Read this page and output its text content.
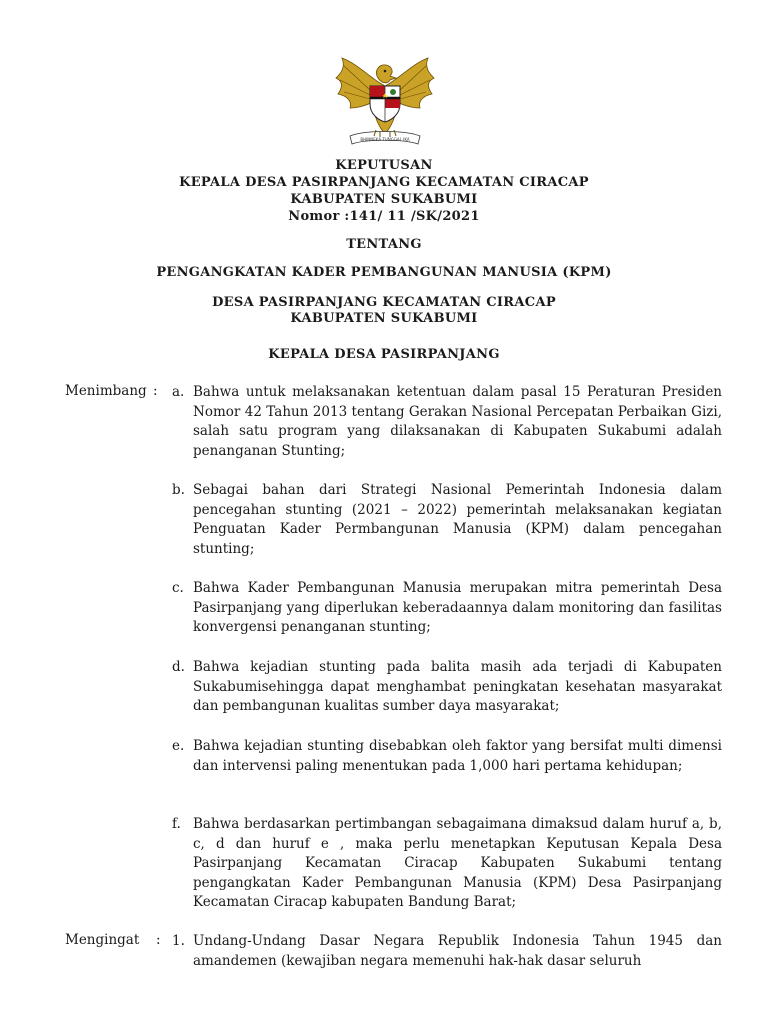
BHINNEKA TUNGGAL IKA
KEPUTUSAN
KEPALA DESA PASIRPANJANG KECAMATAN CIRACAP
KABUPATEN SUKABUMI
Nomor :141/ 11 /SK/2021
TENTANG
PENGANGKATAN KADER PEMBANGUNAN MANUSIA (KPM)
DESA PASIRPANJANG KECAMATAN CIRACAP
KABUPATEN SUKABUMI
KEPALA DESA PASIRPANJANG
Menimbang : a. Bahwa untuk melaksanakan ketentuan dalam pasal 15 Peraturan Presiden Nomor 42 Tahun 2013 tentang Gerakan Nasional Percepatan Perbaikan Gizi, salah satu program yang dilaksanakan di Kabupaten Sukabumi adalah penanganan Stunting;
b. Sebagai bahan dari Strategi Nasional Pemerintah Indonesia dalam pencegahan stunting (2021 – 2022) pemerintah melaksanakan kegiatan Penguatan Kader Permbangunan Manusia (KPM) dalam pencegahan stunting;
c. Bahwa Kader Pembangunan Manusia merupakan mitra pemerintah Desa Pasirpanjang yang diperlukan keberadaannya dalam monitoring dan fasilitas konvergensi penanganan stunting;
d. Bahwa kejadian stunting pada balita masih ada terjadi di Kabupaten Sukabumisehingga dapat menghambat peningkatan kesehatan masyarakat dan pembangunan kualitas sumber daya masyarakat;
e. Bahwa kejadian stunting disebabkan oleh faktor yang bersifat multi dimensi dan intervensi paling menentukan pada 1,000 hari pertama kehidupan;
f. Bahwa berdasarkan pertimbangan sebagaimana dimaksud dalam huruf a, b, c, d dan huruf e , maka perlu menetapkan Keputusan Kepala Desa Pasirpanjang Kecamatan Ciracap Kabupaten Sukabumi tentang pengangkatan Kader Pembangunan Manusia (KPM) Desa Pasirpanjang Kecamatan Ciracap kabupaten Bandung Barat;
Mengingat : 1. Undang-Undang Dasar Negara Republik Indonesia Tahun 1945 dan amandemen (kewajiban negara memenuhi hak-hak dasar seluruh
